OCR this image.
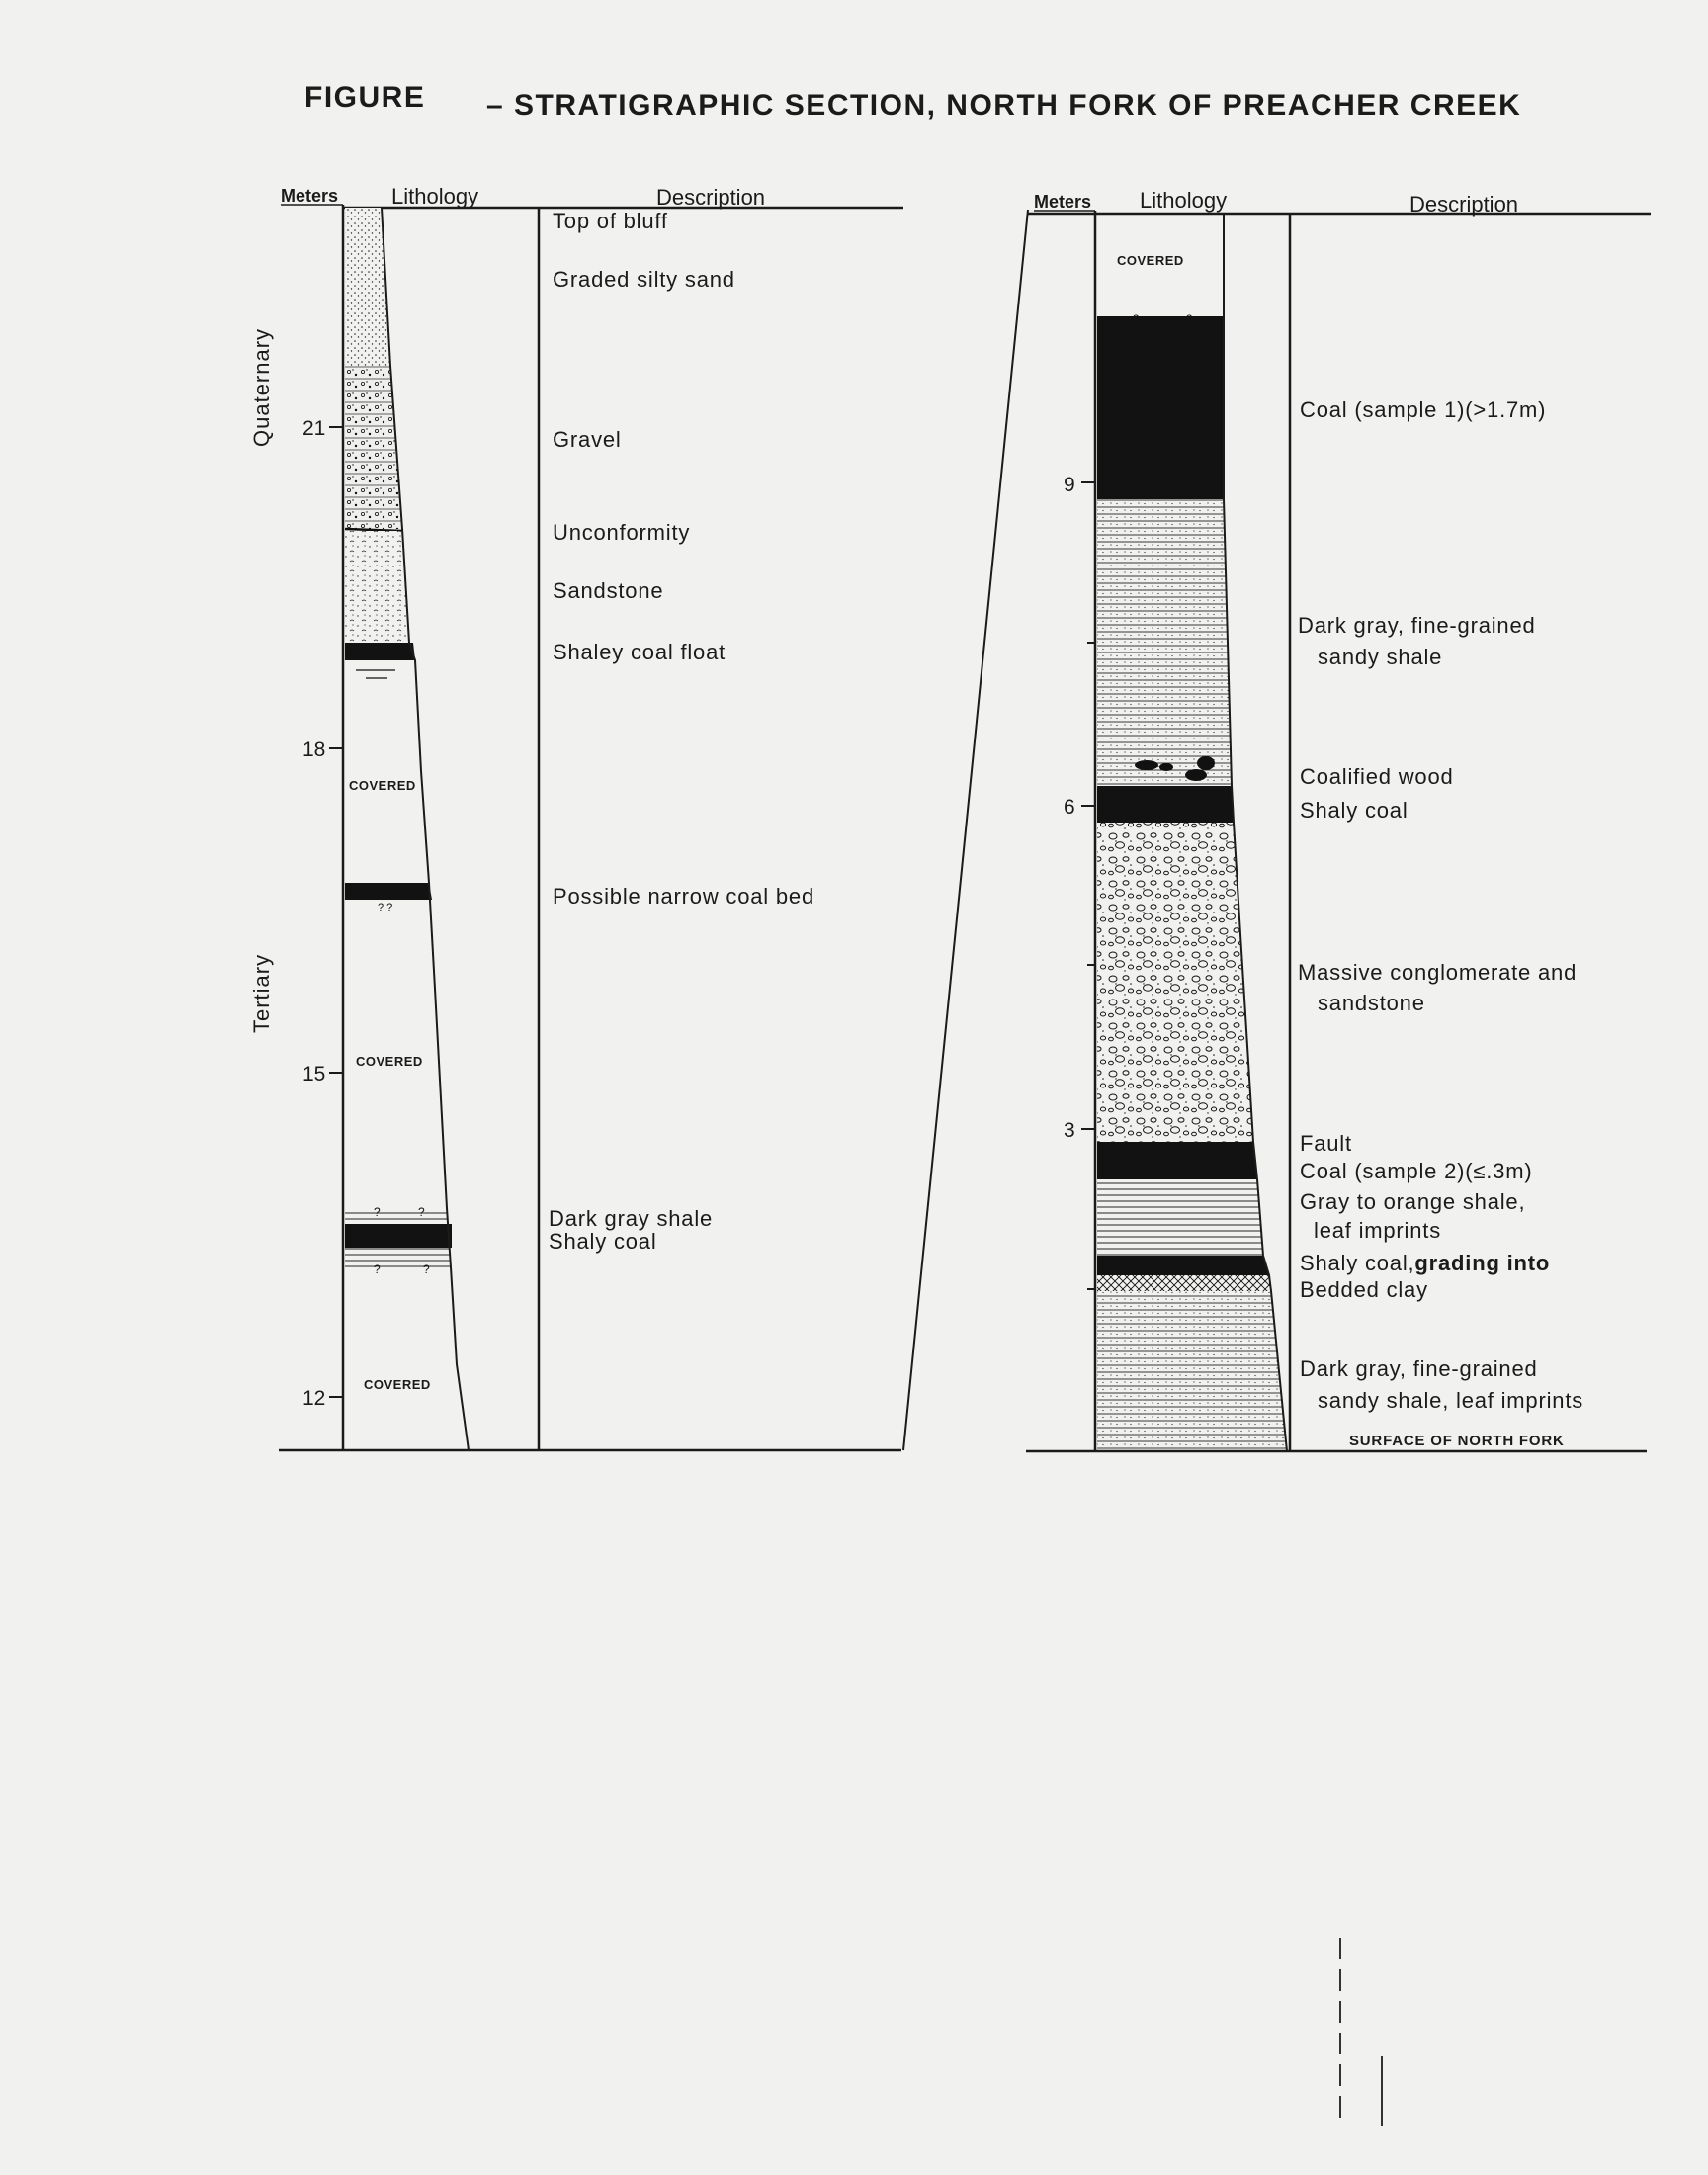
FIGURE – STRATIGRAPHIC SECTION, NORTH FORK OF PREACHER CREEK
Meters Lithology	Description
? ?
?	?
?	?
COVERED
COVERED
COVERED
21
18
15
12
Quaternary
Tertiary
Top of bluff
Graded silty sand
Gravel
Unconformity
Sandstone
Shaley coal float
Possible narrow coal bed
Dark gray shale
Shaly coal
Meters Lithology	Description
?	?
COVERED
9
6
3
Coal (sample 1)(>1.7m)
Dark gray, fine-grained
sandy shale
Coalified wood
Shaly coal
Massive conglomerate and
sandstone
Fault
Coal (sample 2)(≤.3m)
Gray to orange shale,
leaf imprints
Shaly coal,grading into
Bedded clay
Dark gray, fine-grained
sandy shale, leaf imprints
SURFACE OF NORTH FORK
